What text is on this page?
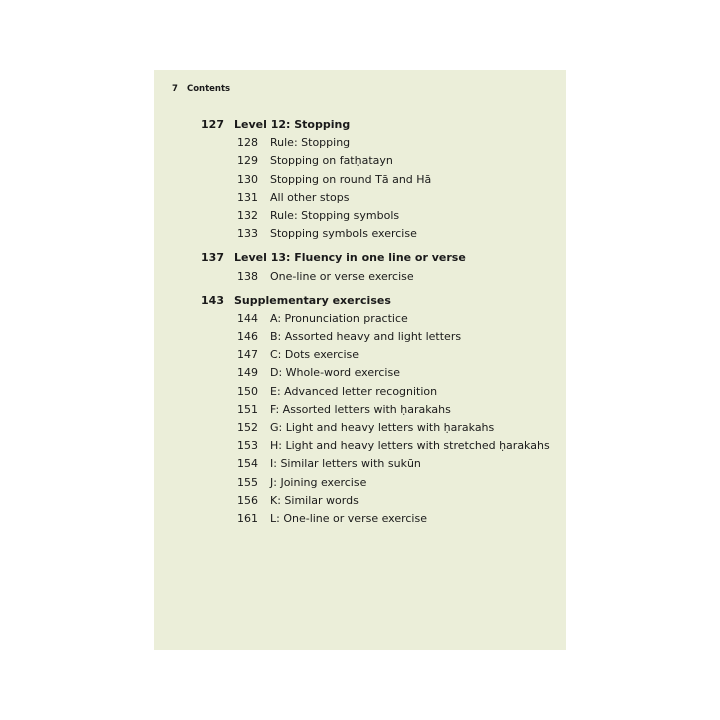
7 Contents
127 Level 12: Stopping
128 Rule: Stopping
129 Stopping on fatḥatayn
130 Stopping on round Tā and Hā
131 All other stops
132 Rule: Stopping symbols
133 Stopping symbols exercise
137 Level 13: Fluency in one line or verse
138 One-line or verse exercise
143 Supplementary exercises
144 A: Pronunciation practice
146 B: Assorted heavy and light letters
147 C: Dots exercise
149 D: Whole-word exercise
150 E: Advanced letter recognition
151 F: Assorted letters with ḥarakahs
152 G: Light and heavy letters with ḥarakahs
153 H: Light and heavy letters with stretched ḥarakahs
154 I: Similar letters with sukūn
155 J: Joining exercise
156 K: Similar words
161 L: One-line or verse exercise
